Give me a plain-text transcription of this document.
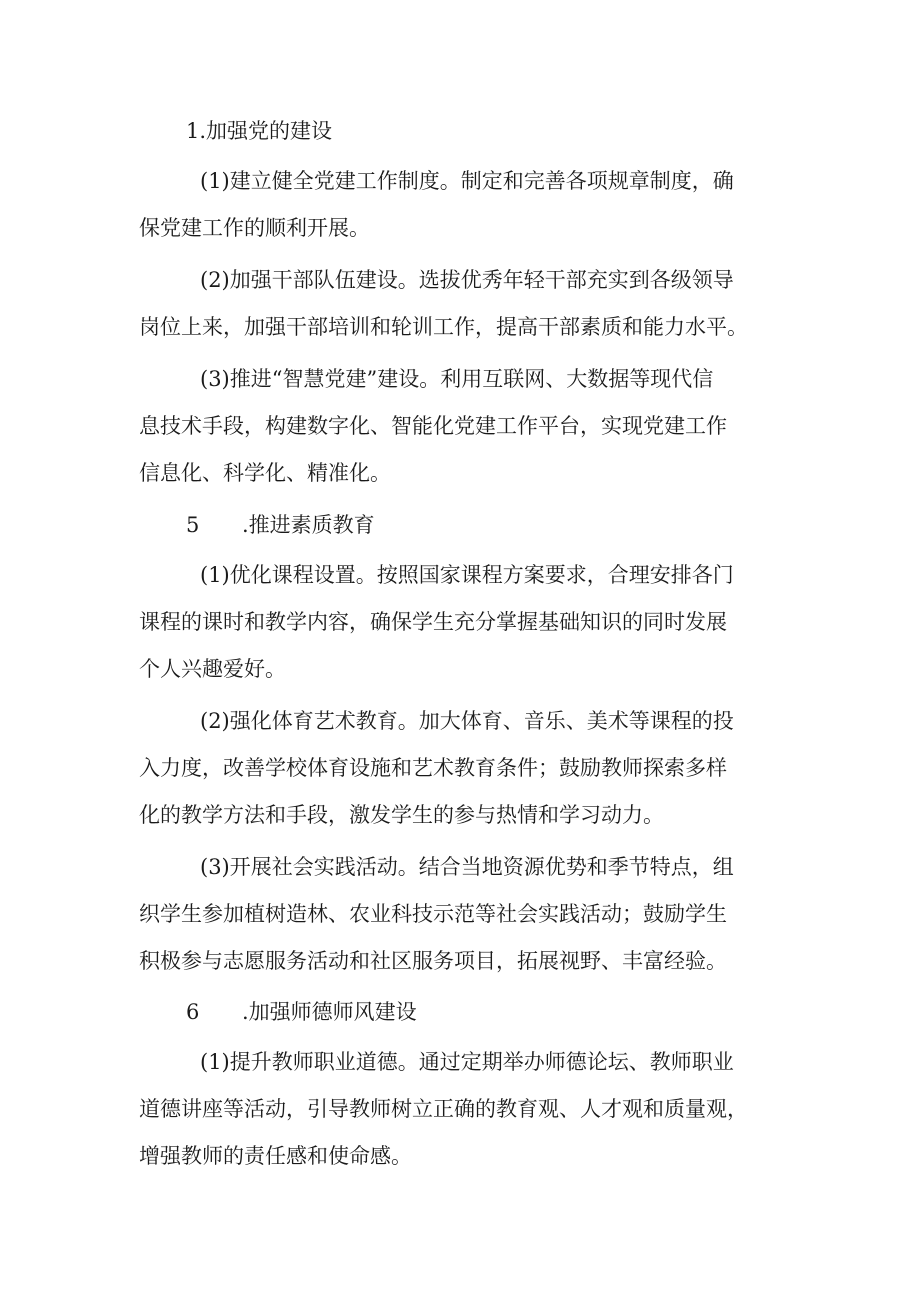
1.加强党的建设
(1)建立健全党建工作制度。制定和完善各项规章制度，确
保党建工作的顺利开展。
(2)加强干部队伍建设。选拔优秀年轻干部充实到各级领导
岗位上来，加强干部培训和轮训工作，提高干部素质和能力水平。
(3)推进“智慧党建”建设。利用互联网、大数据等现代信
息技术手段，构建数字化、智能化党建工作平台，实现党建工作
信息化、科学化、精准化。
5 .推进素质教育
(1)优化课程设置。按照国家课程方案要求，合理安排各门
课程的课时和教学内容，确保学生充分掌握基础知识的同时发展
个人兴趣爱好。
(2)强化体育艺术教育。加大体育、音乐、美术等课程的投
入力度，改善学校体育设施和艺术教育条件；鼓励教师探索多样
化的教学方法和手段，激发学生的参与热情和学习动力。
(3)开展社会实践活动。结合当地资源优势和季节特点，组
织学生参加植树造林、农业科技示范等社会实践活动；鼓励学生
积极参与志愿服务活动和社区服务项目，拓展视野、丰富经验。
6 .加强师德师风建设
(1)提升教师职业道德。通过定期举办师德论坛、教师职业
道德讲座等活动，引导教师树立正确的教育观、人才观和质量观，
增强教师的责任感和使命感。
